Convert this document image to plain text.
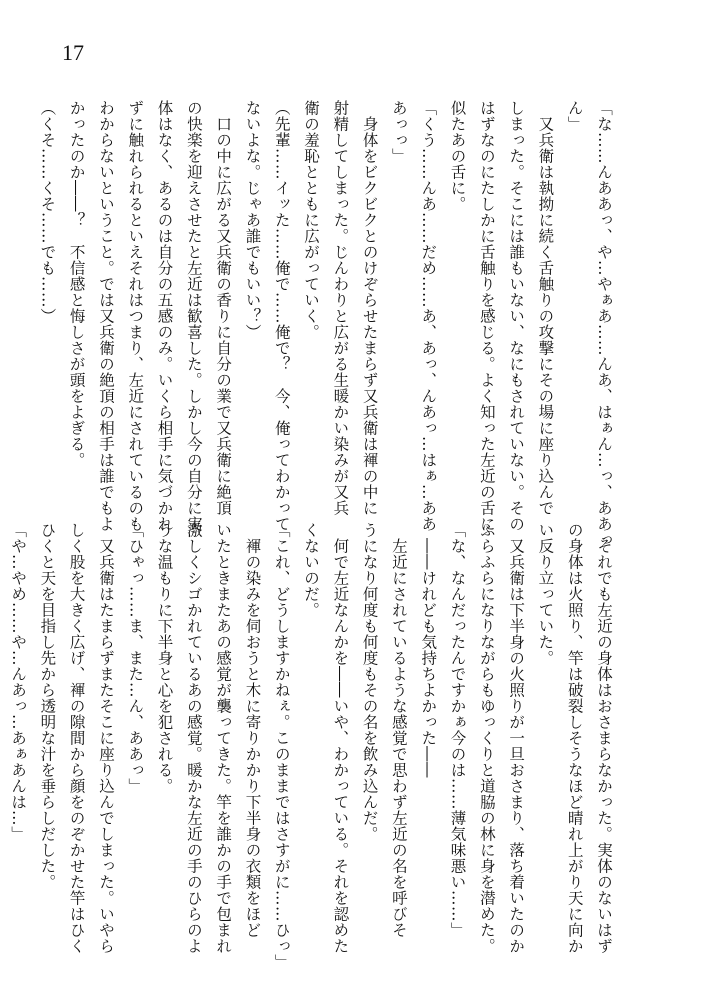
17
「な……んああっ、や…やぁあ……んあ、はぁん…っ、ああっ
ん」
　又兵衛は執拗に続く舌触りの攻撃にその場に座り込んで
しまった。そこには誰もいない、なにもされていない。その
はずなのにたしかに舌触りを感じる。よく知った左近の舌に
似たあの舌に。
「くう……んあ……だめ……あ、あっ、んあっ…はぁ…ああ
あっっ」
　身体をビクビクとのけぞらせたまらず又兵衛は褌の中に
射精してしまった。じんわりと広がる生暖かい染みが又兵
衛の羞恥とともに広がっていく。
（先輩……イッた……俺で……俺で？　今、俺ってわかって
ないよな。じゃあ誰でもいい？）
　口の中に広がる又兵衛の香りに自分の業で又兵衛に絶頂
の快楽を迎えさせたと左近は歓喜した。しかし今の自分に実
体はなく、あるのは自分の五感のみ。いくら相手に気づかれ
ずに触れられるといえそれはつまり、左近にされているのも
わからないということ。では又兵衛の絶頂の相手は誰でもよ
かったのか――？　不信感と悔しさが頭をよぎる。
（くそ……くそ……でも……）
　それでも左近の身体はおさまらなかった。実体のないはず
の身体は火照り、竿は破裂しそうなほど晴れ上がり天に向か
い反り立っていた。
　又兵衛は下半身の火照りが一旦おさまり、落ち着いたのか
ふらふらになりながらもゆっくりと道脇の林に身を潜めた。
「な、なんだったんですかぁ今のは……薄気味悪い……」
　――けれども気持ちよかった――
　左近にされているような感覚で思わず左近の名を呼びそ
うになり何度も何度もその名を飲み込んだ。
　何で左近なんかを――いや、わかっている。それを認めた
くないのだ。
「これ、どうしますかねぇ。このままではさすがに……ひっ」
　褌の染みを伺おうと木に寄りかかり下半身の衣類をほど
いたときまたあの感覚が襲ってきた。竿を誰かの手で包まれ
激しくシゴかれているあの感覚。暖かな左近の手のひらのよ
うな温もりに下半身と心を犯される。
「ひゃっ……ま、また…ん、ああっ」
　又兵衛はたまらずまたそこに座り込んでしまった。いやら
しく股を大きく広げ、褌の隙間から顔をのぞかせた竿はひく
ひくと天を目指し先から透明な汁を垂らしだした。
「や…やめ……や…んあっ…あぁあんは…」
